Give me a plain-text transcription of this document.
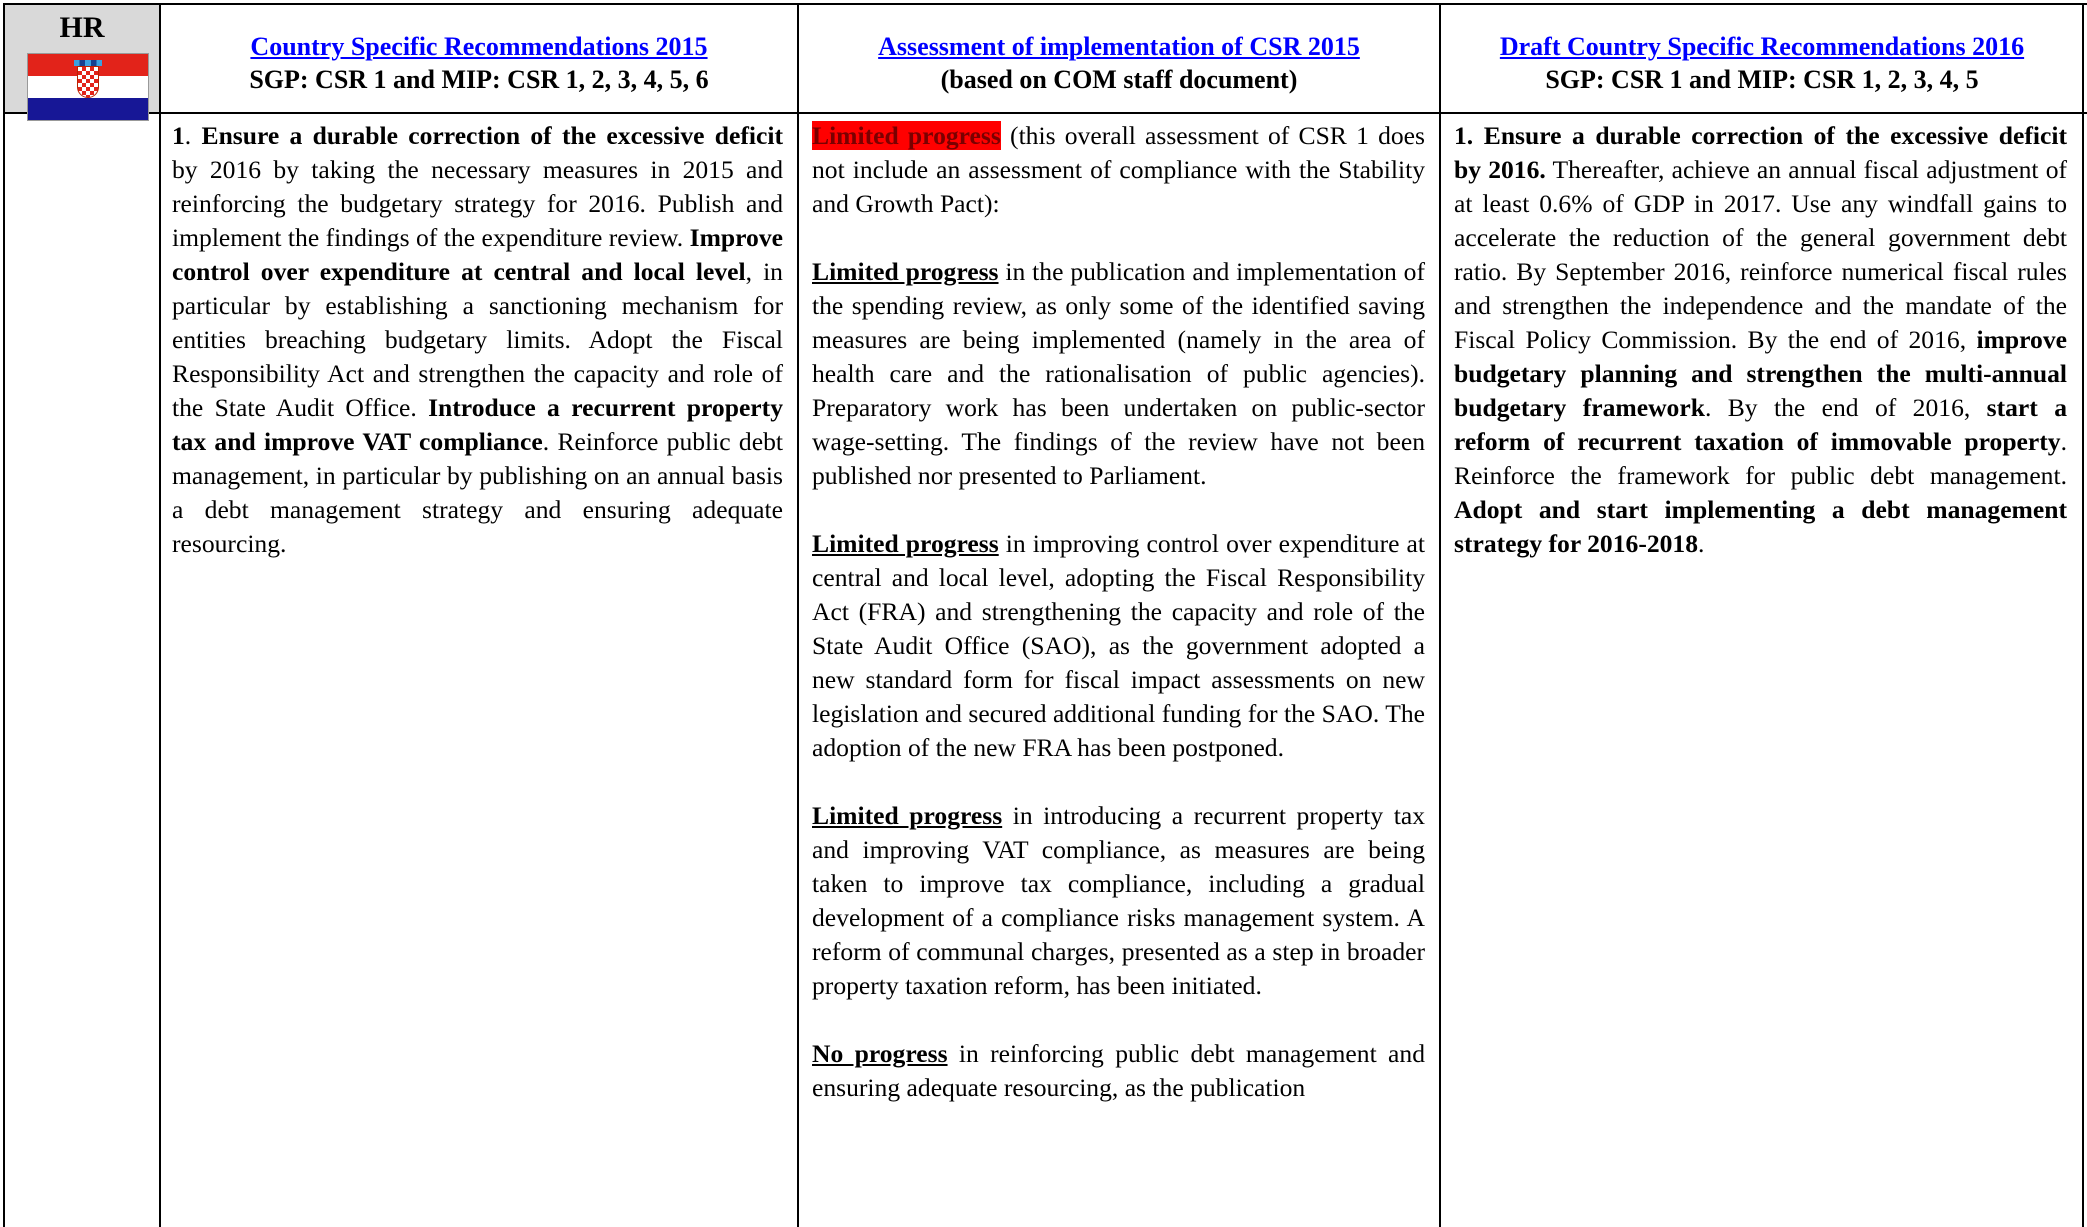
HR
Country Specific Recommendations 2015
SGP: CSR 1 and MIP: CSR 1, 2, 3, 4, 5, 6
Assessment of implementation of CSR 2015
(based on COM staff document)
Draft Country Specific Recommendations 2016
SGP: CSR 1 and MIP: CSR 1, 2, 3, 4, 5

1. Ensure a durable correction of the excessive deficit by 2016 by taking the necessary measures in 2015 and reinforcing the budgetary strategy for 2016. Publish and implement the findings of the expenditure review. Improve control over expenditure at central and local level, in particular by establishing a sanctioning mechanism for entities breaching budgetary limits. Adopt the Fiscal Responsibility Act and strengthen the capacity and role of the State Audit Office. Introduce a recurrent property tax and improve VAT compliance. Reinforce public debt management, in particular by publishing on an annual basis a debt management strategy and ensuring adequate resourcing.

Limited progress (this overall assessment of CSR 1 does not include an assessment of compliance with the Stability and Growth Pact):

Limited progress in the publication and implementation of the spending review, as only some of the identified saving measures are being implemented (namely in the area of health care and the rationalisation of public agencies). Preparatory work has been undertaken on public-sector wage-setting. The findings of the review have not been published nor presented to Parliament.

Limited progress in improving control over expenditure at central and local level, adopting the Fiscal Responsibility Act (FRA) and strengthening the capacity and role of the State Audit Office (SAO), as the government adopted a new standard form for fiscal impact assessments on new legislation and secured additional funding for the SAO. The adoption of the new FRA has been postponed.

Limited progress in introducing a recurrent property tax and improving VAT compliance, as measures are being taken to improve tax compliance, including a gradual development of a compliance risks management system. A reform of communal charges, presented as a step in broader property taxation reform, has been initiated.

No progress in reinforcing public debt management and ensuring adequate resourcing, as the publication

1. Ensure a durable correction of the excessive deficit by 2016. Thereafter, achieve an annual fiscal adjustment of at least 0.6% of GDP in 2017. Use any windfall gains to accelerate the reduction of the general government debt ratio. By September 2016, reinforce numerical fiscal rules and strengthen the independence and the mandate of the Fiscal Policy Commission. By the end of 2016, improve budgetary planning and strengthen the multi-annual budgetary framework. By the end of 2016, start a reform of recurrent taxation of immovable property. Reinforce the framework for public debt management. Adopt and start implementing a debt management strategy for 2016-2018.
